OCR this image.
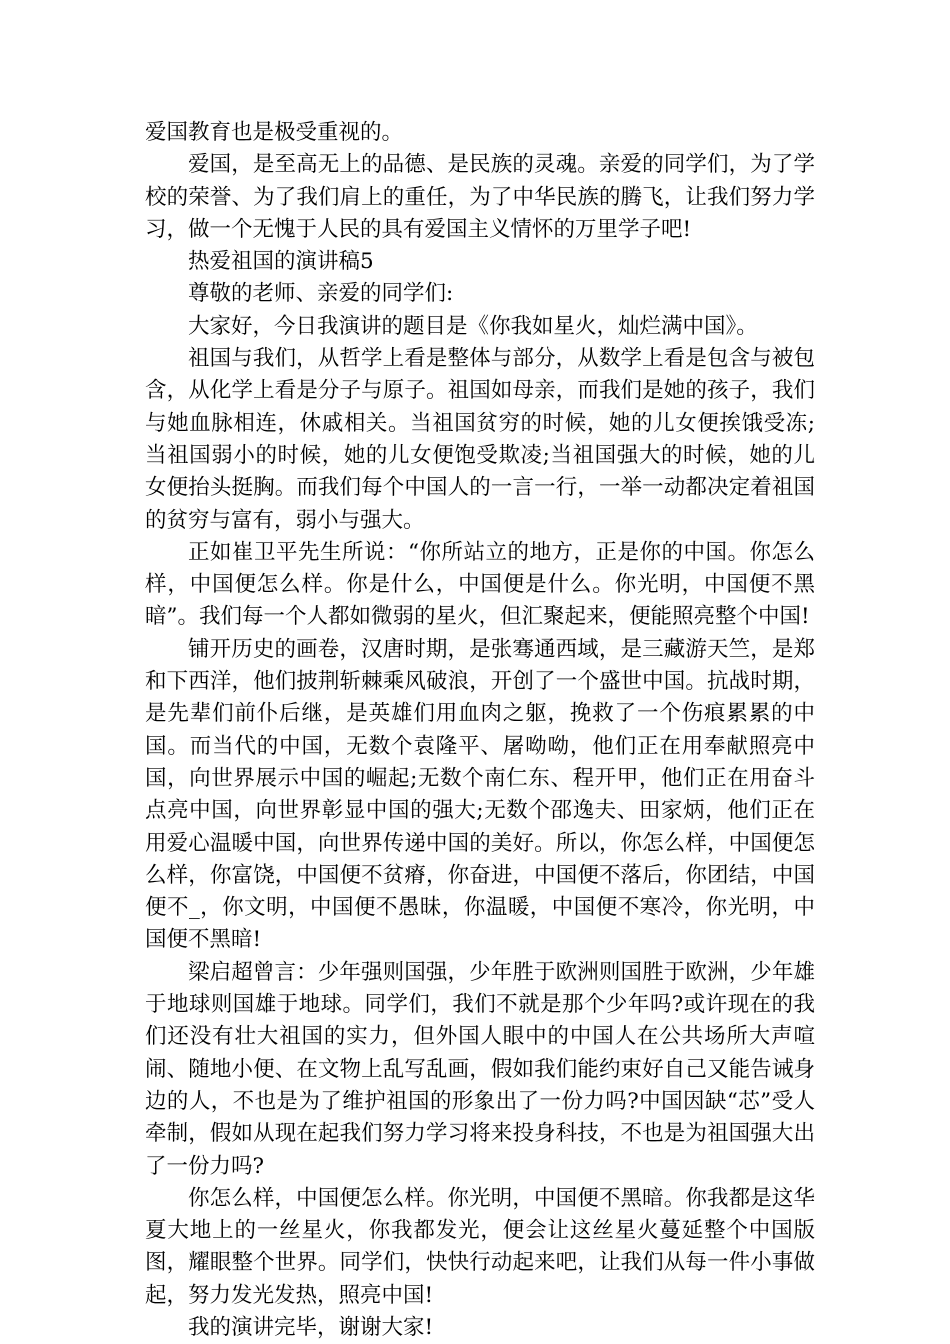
爱国教育也是极受重视的。

爱国，是至高无上的品德、是民族的灵魂。亲爱的同学们，为了学校的荣誉、为了我们肩上的重任，为了中华民族的腾飞，让我们努力学习，做一个无愧于人民的具有爱国主义情怀的万里学子吧!

热爱祖国的演讲稿5

尊敬的老师、亲爱的同学们:

大家好，今日我演讲的题目是《你我如星火，灿烂满中国》。

祖国与我们，从哲学上看是整体与部分，从数学上看是包含与被包含，从化学上看是分子与原子。祖国如母亲，而我们是她的孩子，我们与她血脉相连，休戚相关。当祖国贫穷的时候，她的儿女便挨饿受冻;当祖国弱小的时候，她的儿女便饱受欺凌;当祖国强大的时候，她的儿女便抬头挺胸。而我们每个中国人的一言一行，一举一动都决定着祖国的贫穷与富有，弱小与强大。

正如崔卫平先生所说：“你所站立的地方，正是你的中国。你怎么样，中国便怎么样。你是什么，中国便是什么。你光明，中国便不黑暗”。我们每一个人都如微弱的星火，但汇聚起来，便能照亮整个中国!

铺开历史的画卷，汉唐时期，是张骞通西域，是三藏游天竺，是郑和下西洋，他们披荆斩棘乘风破浪，开创了一个盛世中国。抗战时期，是先辈们前仆后继，是英雄们用血肉之躯，挽救了一个伤痕累累的中国。而当代的中国，无数个袁隆平、屠呦呦，他们正在用奉献照亮中国，向世界展示中国的崛起;无数个南仁东、程开甲，他们正在用奋斗点亮中国，向世界彰显中国的强大;无数个邵逸夫、田家炳，他们正在用爱心温暖中国，向世界传递中国的美好。所以，你怎么样，中国便怎么样，你富饶，中国便不贫瘠，你奋进，中国便不落后，你团结，中国便不_，你文明，中国便不愚昧，你温暖，中国便不寒冷，你光明，中国便不黑暗!

梁启超曾言：少年强则国强，少年胜于欧洲则国胜于欧洲，少年雄于地球则国雄于地球。同学们，我们不就是那个少年吗?或许现在的我们还没有壮大祖国的实力，但外国人眼中的中国人在公共场所大声喧闹、随地小便、在文物上乱写乱画，假如我们能约束好自己又能告诫身边的人，不也是为了维护祖国的形象出了一份力吗?中国因缺“芯”受人牵制，假如从现在起我们努力学习将来投身科技，不也是为祖国强大出了一份力吗?

你怎么样，中国便怎么样。你光明，中国便不黑暗。你我都是这华夏大地上的一丝星火，你我都发光，便会让这丝星火蔓延整个中国版图，耀眼整个世界。同学们，快快行动起来吧，让我们从每一件小事做起，努力发光发热，照亮中国!

我的演讲完毕，谢谢大家!
